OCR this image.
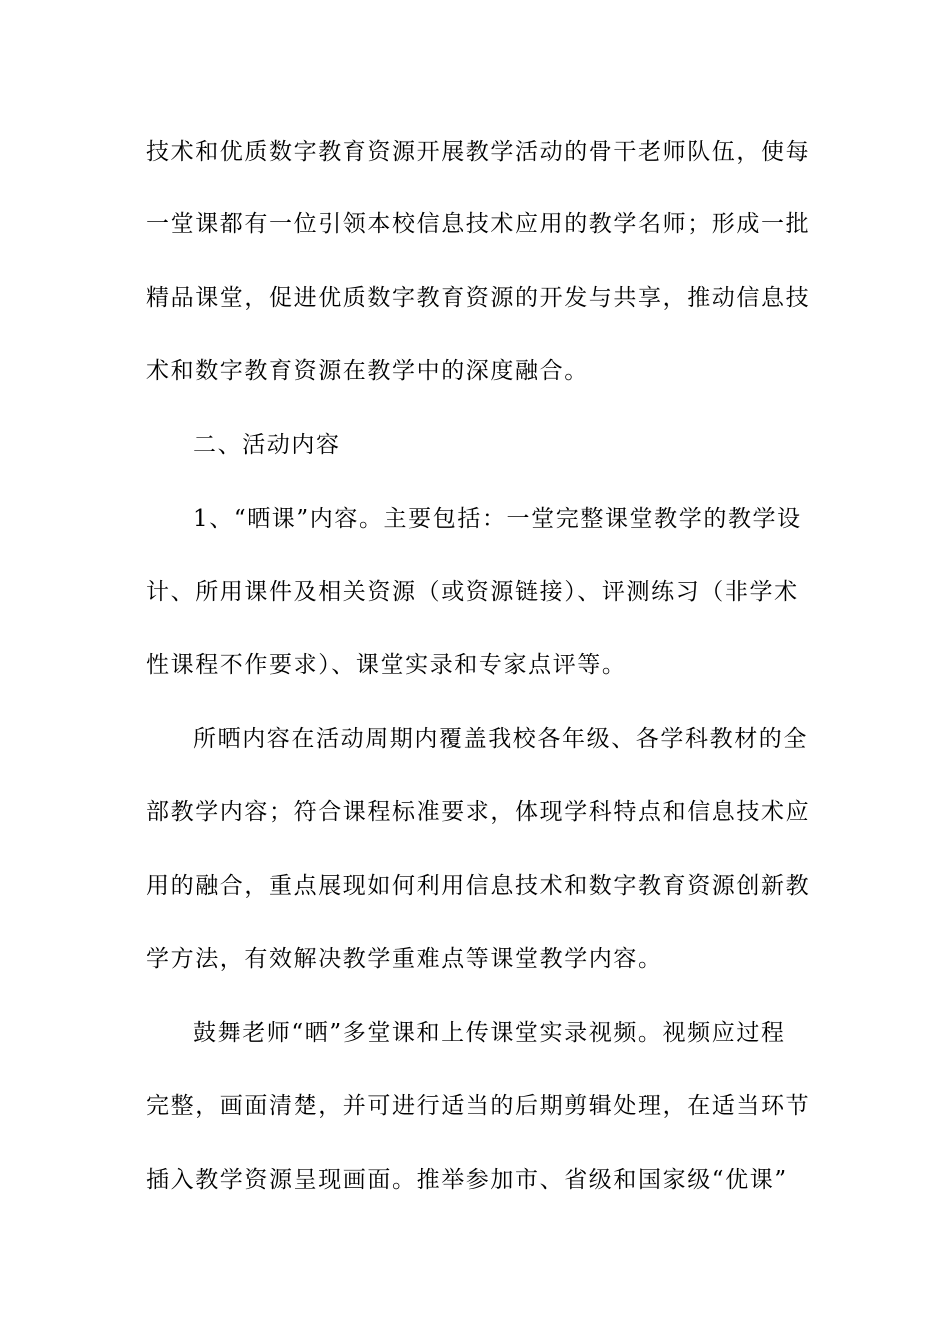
技术和优质数字教育资源开展教学活动的骨干老师队伍，使每
一堂课都有一位引领本校信息技术应用的教学名师；形成一批
精品课堂，促进优质数字教育资源的开发与共享，推动信息技
术和数字教育资源在教学中的深度融合。
二、活动内容
1、“晒课”内容。主要包括：一堂完整课堂教学的教学设
计、所用课件及相关资源（或资源链接）、评测练习（非学术
性课程不作要求）、课堂实录和专家点评等。
所晒内容在活动周期内覆盖我校各年级、各学科教材的全
部教学内容；符合课程标准要求，体现学科特点和信息技术应
用的融合，重点展现如何利用信息技术和数字教育资源创新教
学方法，有效解决教学重难点等课堂教学内容。
鼓舞老师“晒”多堂课和上传课堂实录视频。视频应过程
完整，画面清楚，并可进行适当的后期剪辑处理，在适当环节
插入教学资源呈现画面。推举参加市、省级和国家级“优课”
